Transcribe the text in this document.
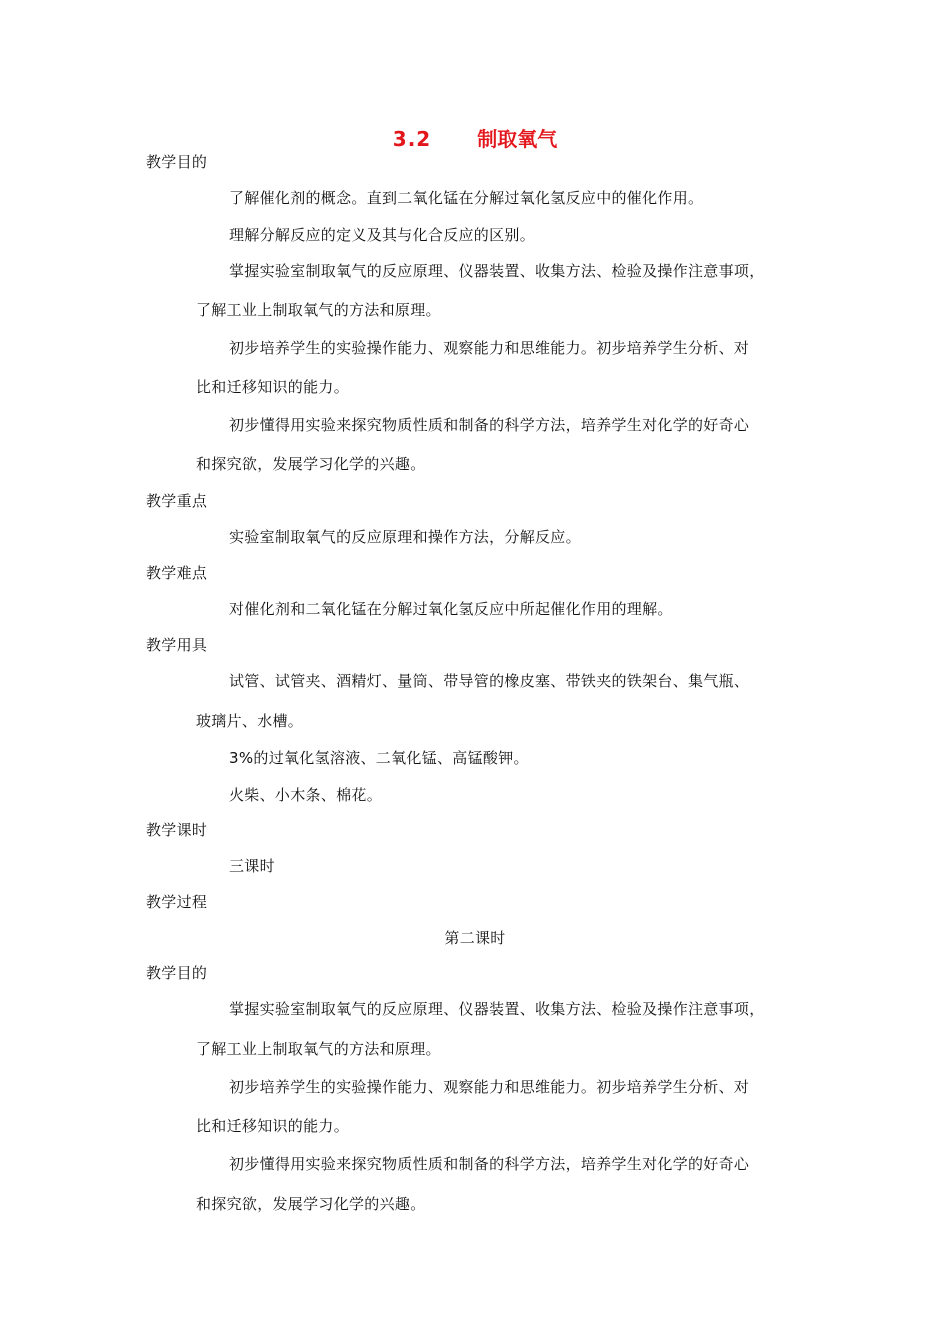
3.2 制取氧气
教学目的
了解催化剂的概念。直到二氧化锰在分解过氧化氢反应中的催化作用。
理解分解反应的定义及其与化合反应的区别。
掌握实验室制取氧气的反应原理、仪器装置、收集方法、检验及操作注意事项，
了解工业上制取氧气的方法和原理。
初步培养学生的实验操作能力、观察能力和思维能力。初步培养学生分析、对
比和迁移知识的能力。
初步懂得用实验来探究物质性质和制备的科学方法，培养学生对化学的好奇心
和探究欲，发展学习化学的兴趣。
教学重点
实验室制取氧气的反应原理和操作方法，分解反应。
教学难点
对催化剂和二氧化锰在分解过氧化氢反应中所起催化作用的理解。
教学用具
试管、试管夹、酒精灯、量筒、带导管的橡皮塞、带铁夹的铁架台、集气瓶、
玻璃片、水槽。
3%的过氧化氢溶液、二氧化锰、高锰酸钾。
火柴、小木条、棉花。
教学课时
三课时
教学过程
第二课时
教学目的
掌握实验室制取氧气的反应原理、仪器装置、收集方法、检验及操作注意事项，
了解工业上制取氧气的方法和原理。
初步培养学生的实验操作能力、观察能力和思维能力。初步培养学生分析、对
比和迁移知识的能力。
初步懂得用实验来探究物质性质和制备的科学方法，培养学生对化学的好奇心
和探究欲，发展学习化学的兴趣。
